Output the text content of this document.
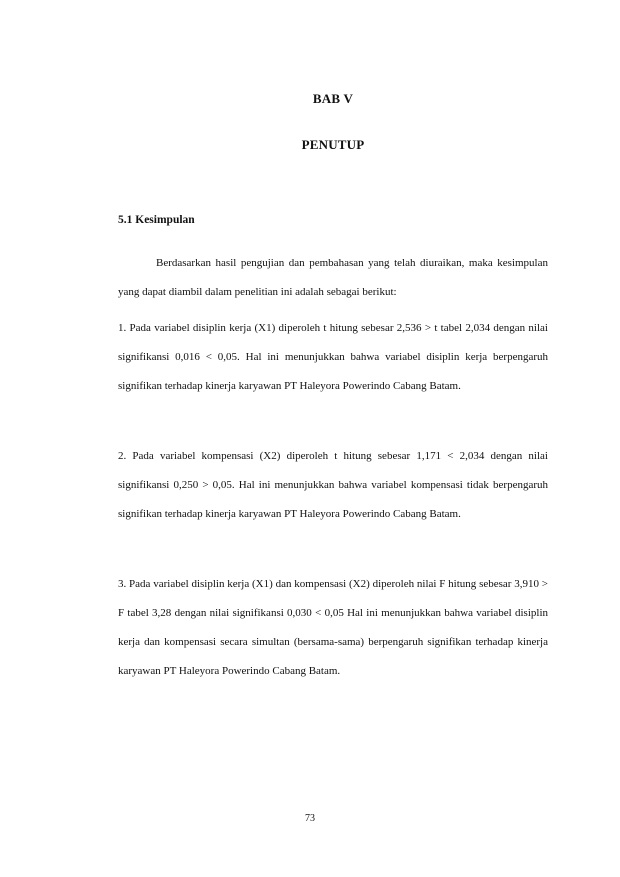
BAB V
PENUTUP
5.1 Kesimpulan

Berdasarkan hasil pengujian dan pembahasan yang telah diuraikan, maka kesimpulan yang dapat diambil dalam penelitian ini adalah sebagai berikut:

1. Pada variabel disiplin kerja (X1) diperoleh t hitung sebesar 2,536 > t tabel 2,034 dengan nilai signifikansi 0,016 < 0,05. Hal ini menunjukkan bahwa variabel disiplin kerja berpengaruh signifikan terhadap kinerja karyawan PT Haleyora Powerindo Cabang Batam.

2. Pada variabel kompensasi (X2) diperoleh t hitung sebesar 1,171 < 2,034 dengan nilai signifikansi 0,250 > 0,05. Hal ini menunjukkan bahwa variabel kompensasi tidak berpengaruh signifikan terhadap kinerja karyawan PT Haleyora Powerindo Cabang Batam.

3. Pada variabel disiplin kerja (X1) dan kompensasi (X2) diperoleh nilai F hitung sebesar 3,910 > F tabel 3,28 dengan nilai signifikansi 0,030 < 0,05 Hal ini menunjukkan bahwa variabel disiplin kerja dan kompensasi secara simultan (bersama-sama) berpengaruh signifikan terhadap kinerja karyawan PT Haleyora Powerindo Cabang Batam.

73
